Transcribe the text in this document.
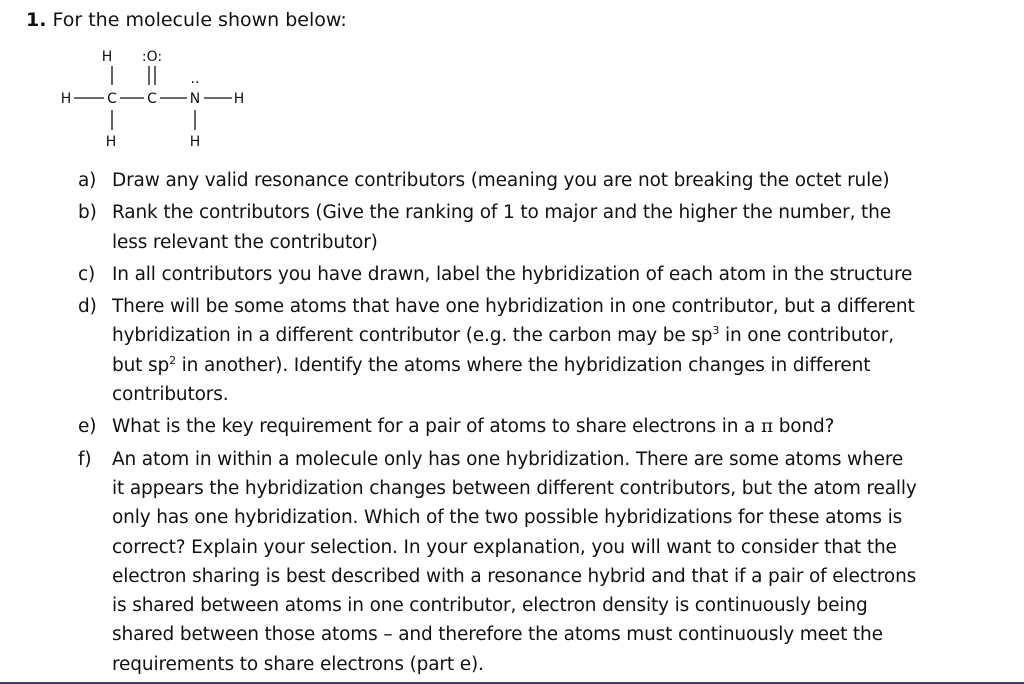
1. For the molecule shown below:
H :O:
H	C C N H
H	H
..
a) Draw any valid resonance contributors (meaning you are not breaking the octet rule)
b) Rank the contributors (Give the ranking of 1 to major and the higher the number, the
less relevant the contributor)
c) In all contributors you have drawn, label the hybridization of each atom in the structure
d) There will be some atoms that have one hybridization in one contributor, but a different
hybridization in a different contributor (e.g. the carbon may be $sp^3$ in one contributor,
but $sp^2$ in another). Identify the atoms where the hybridization changes in different
contributors.
e) What is the key requirement for a pair of atoms to share electrons in a π bond?
f) An atom in within a molecule only has one hybridization. There are some atoms where
it appears the hybridization changes between different contributors, but the atom really
only has one hybridization. Which of the two possible hybridizations for these atoms is
correct? Explain your selection. In your explanation, you will want to consider that the
electron sharing is best described with a resonance hybrid and that if a pair of electrons
is shared between atoms in one contributor, electron density is continuously being
shared between those atoms – and therefore the atoms must continuously meet the
requirements to share electrons (part e).
